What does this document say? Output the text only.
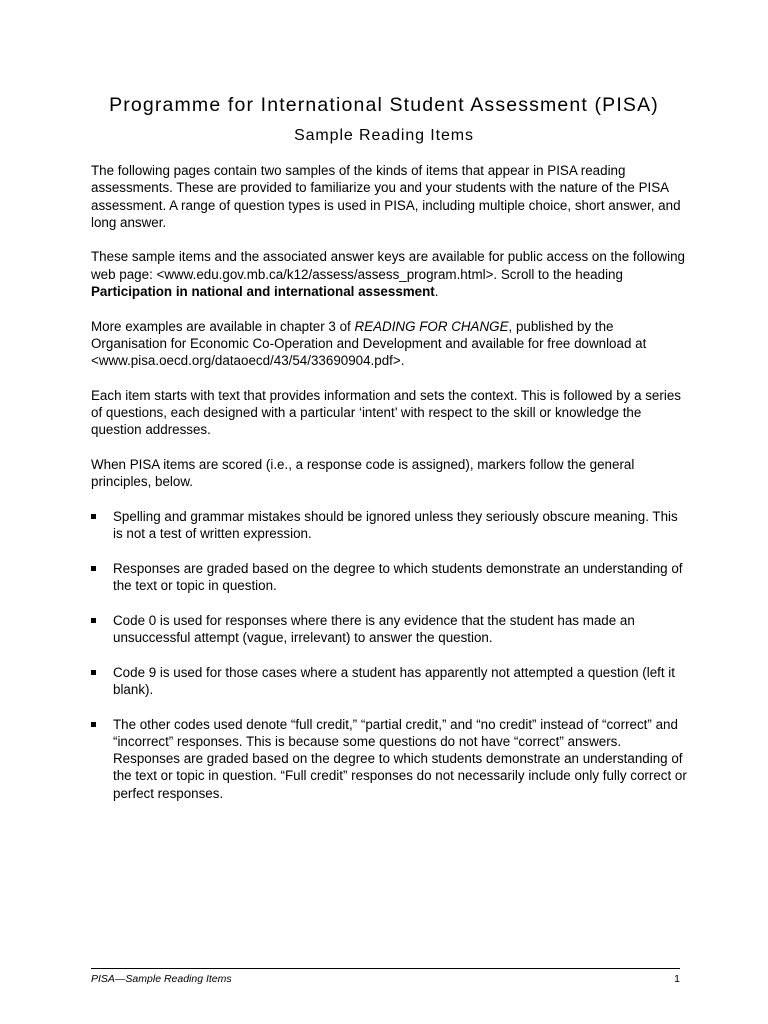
Programme for International Student Assessment (PISA)
Sample Reading Items

The following pages contain two samples of the kinds of items that appear in PISA reading assessments. These are provided to familiarize you and your students with the nature of the PISA assessment. A range of question types is used in PISA, including multiple choice, short answer, and long answer.

These sample items and the associated answer keys are available for public access on the following web page: <www.edu.gov.mb.ca/k12/assess/assess_program.html>. Scroll to the heading Participation in national and international assessment.

More examples are available in chapter 3 of READING FOR CHANGE, published by the Organisation for Economic Co-Operation and Development and available for free download at <www.pisa.oecd.org/dataoecd/43/54/33690904.pdf>.

Each item starts with text that provides information and sets the context. This is followed by a series of questions, each designed with a particular ‘intent’ with respect to the skill or knowledge the question addresses.

When PISA items are scored (i.e., a response code is assigned), markers follow the general principles, below.

Spelling and grammar mistakes should be ignored unless they seriously obscure meaning. This is not a test of written expression.
Responses are graded based on the degree to which students demonstrate an understanding of the text or topic in question.
Code 0 is used for responses where there is any evidence that the student has made an unsuccessful attempt (vague, irrelevant) to answer the question.
Code 9 is used for those cases where a student has apparently not attempted a question (left it blank).
The other codes used denote “full credit,” “partial credit,” and “no credit” instead of “correct” and “incorrect” responses. This is because some questions do not have “correct” answers. Responses are graded based on the degree to which students demonstrate an understanding of the text or topic in question. “Full credit” responses do not necessarily include only fully correct or perfect responses.
PISA—Sample Reading Items	1
